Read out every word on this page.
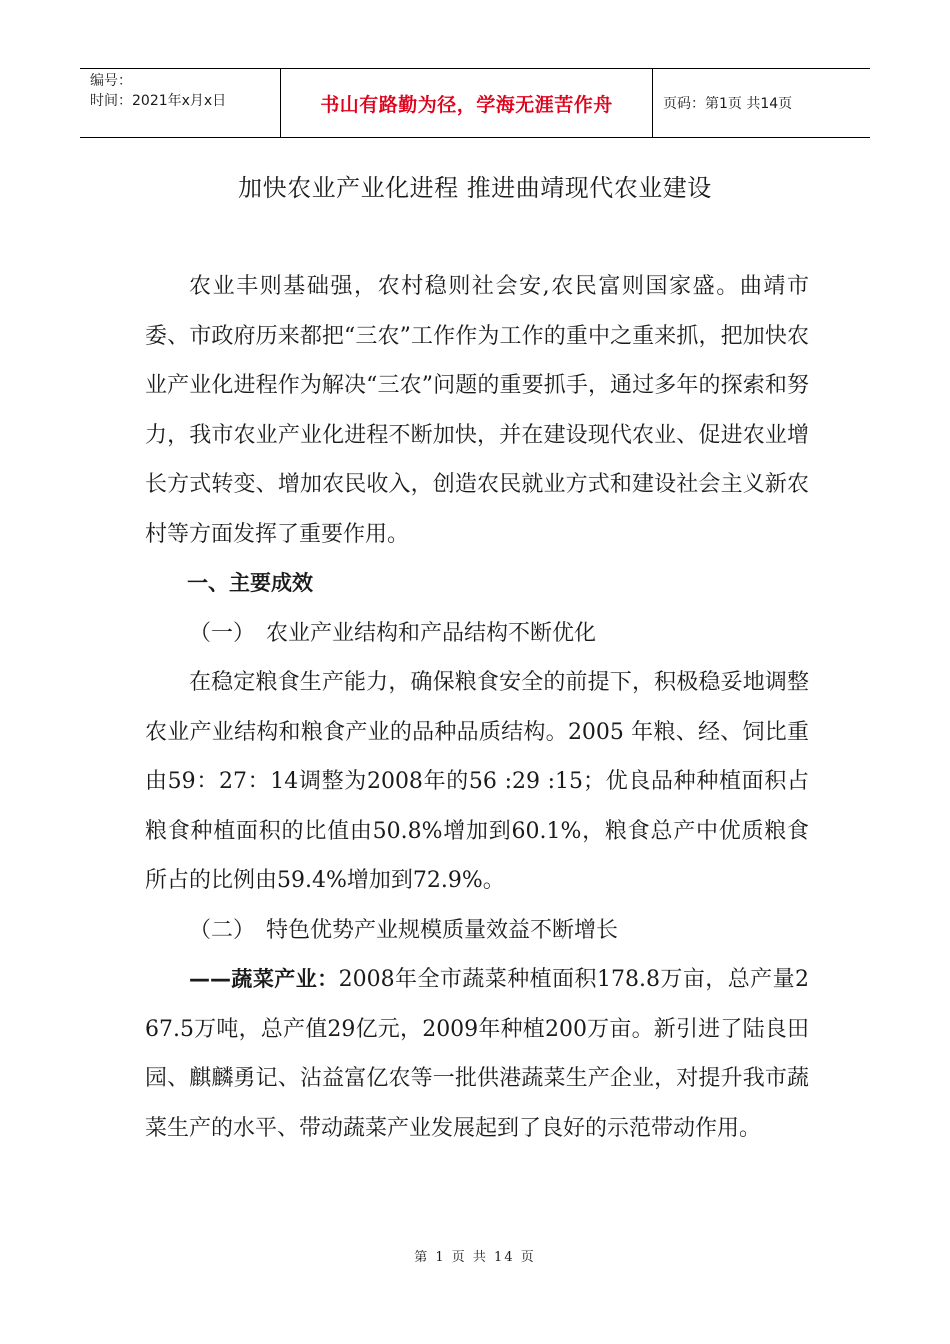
编号：
时间：2021年x月x日	书山有路勤为径，学海无涯苦作舟	页码：第1页 共14页
加快农业产业化进程 推进曲靖现代农业建设

农业丰则基础强，农村稳则社会安,农民富则国家盛。曲靖市委、市政府历来都把“三农”工作作为工作的重中之重来抓，把加快农业产业化进程作为解决“三农”问题的重要抓手，通过多年的探索和努力，我市农业产业化进程不断加快，并在建设现代农业、促进农业增长方式转变、增加农民收入，创造农民就业方式和建设社会主义新农村等方面发挥了重要作用。

一、主要成效

（一）　农业产业结构和产品结构不断优化

在稳定粮食生产能力，确保粮食安全的前提下，积极稳妥地调整农业产业结构和粮食产业的品种品质结构。2005 年粮、经、饲比重由59：27：14调整为2008年的56 :29 :15；优良品种种植面积占粮食种植面积的比值由50.8%增加到60.1%，粮食总产中优质粮食所占的比例由59.4%增加到72.9%。

（二）　特色优势产业规模质量效益不断增长

——蔬菜产业：2008年全市蔬菜种植面积178.8万亩，总产量267.5万吨，总产值29亿元，2009年种植200万亩。新引进了陆良田园、麒麟勇记、沾益富亿农等一批供港蔬菜生产企业，对提升我市蔬菜生产的水平、带动蔬菜产业发展起到了良好的示范带动作用。

第 1 页 共 14 页
